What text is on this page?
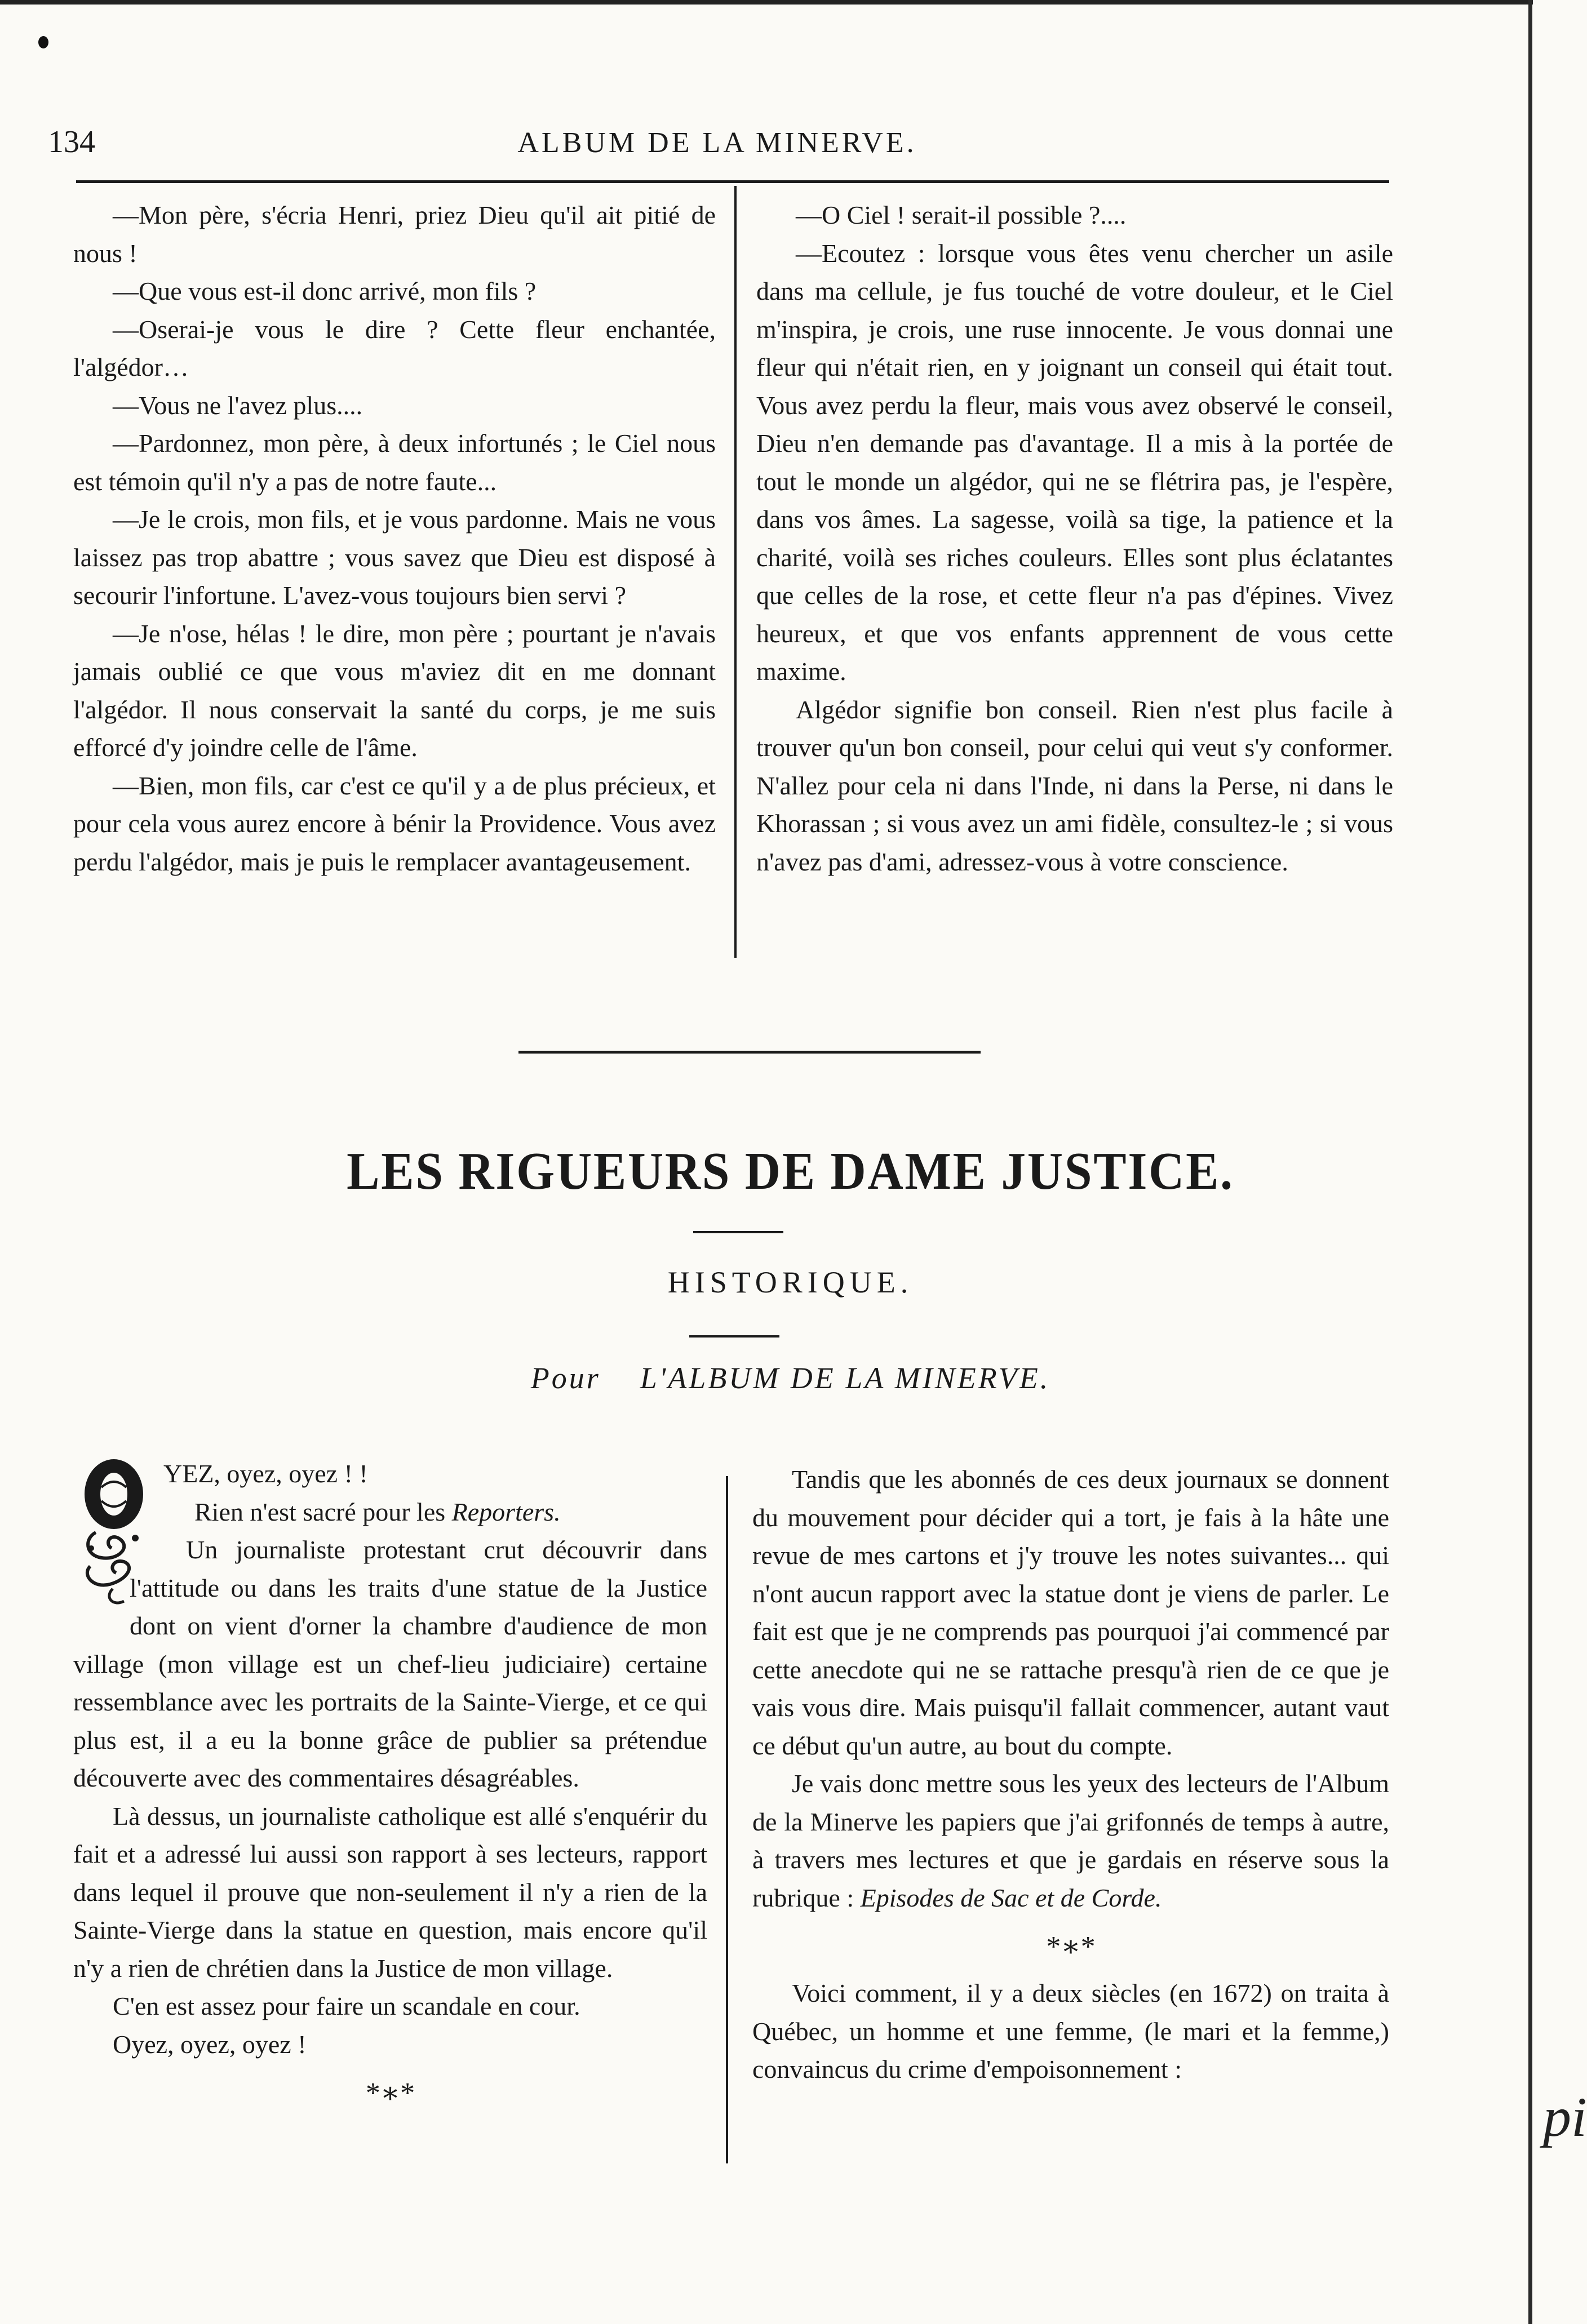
pi
134	ALBUM DE LA MINERVE.

—Mon père, s'écria Henri, priez Dieu qu'il ait pitié de nous !

—Que vous est-il donc arrivé, mon fils ?

—Oserai-je vous le dire ? Cette fleur enchantée, l'algédor…

—Vous ne l'avez plus....

—Pardonnez, mon père, à deux infortunés ; le Ciel nous est témoin qu'il n'y a pas de notre faute...

—Je le crois, mon fils, et je vous pardonne. Mais ne vous laissez pas trop abattre ; vous savez que Dieu est disposé à secourir l'infortune. L'avez-vous toujours bien servi ?

—Je n'ose, hélas ! le dire, mon père ; pourtant je n'avais jamais oublié ce que vous m'aviez dit en me donnant l'algédor. Il nous conservait la santé du corps, je me suis efforcé d'y joindre celle de l'âme.

—Bien, mon fils, car c'est ce qu'il y a de plus précieux, et pour cela vous aurez encore à bénir la Providence. Vous avez perdu l'algédor, mais je puis le remplacer avantageusement.

—O Ciel ! serait-il possible ?....

—Ecoutez : lorsque vous êtes venu chercher un asile dans ma cellule, je fus touché de votre douleur, et le Ciel m'inspira, je crois, une ruse innocente. Je vous donnai une fleur qui n'était rien, en y joignant un conseil qui était tout. Vous avez perdu la fleur, mais vous avez observé le conseil, Dieu n'en demande pas d'avantage. Il a mis à la portée de tout le monde un algédor, qui ne se flétrira pas, je l'espère, dans vos âmes. La sagesse, voilà sa tige, la patience et la charité, voilà ses riches couleurs. Elles sont plus éclatantes que celles de la rose, et cette fleur n'a pas d'épines. Vivez heureux, et que vos enfants apprennent de vous cette maxime.

Algédor signifie bon conseil. Rien n'est plus facile à trouver qu'un bon conseil, pour celui qui veut s'y conformer. N'allez pour cela ni dans l'Inde, ni dans la Perse, ni dans le Khorassan ; si vous avez un ami fidèle, consultez-le ; si vous n'avez pas d'ami, adressez-vous à votre conscience.

LES RIGUEURS DE DAME JUSTICE.
HISTORIQUE.
Pour L'ALBUM DE LA MINERVE.

YEZ, oyez, oyez ! !

Rien n'est sacré pour les Reporters.

Un journaliste protestant crut découvrir dans l'attitude ou dans les traits d'une statue de la Justice dont on vient d'orner la chambre d'audience de mon village (mon village est un chef-lieu judiciaire) certaine ressemblance avec les portraits de la Sainte-Vierge, et ce qui plus est, il a eu la bonne grâce de publier sa prétendue découverte avec des commentaires désagréables.

Là dessus, un journaliste catholique est allé s'enquérir du fait et a adressé lui aussi son rapport à ses lecteurs, rapport dans lequel il prouve que non-seulement il n'y a rien de la Sainte-Vierge dans la statue en question, mais encore qu'il n'y a rien de chrétien dans la Justice de mon village.

C'en est assez pour faire un scandale en cour.

Oyez, oyez, oyez !

*∗*

Tandis que les abonnés de ces deux journaux se donnent du mouvement pour décider qui a tort, je fais à la hâte une revue de mes cartons et j'y trouve les notes suivantes... qui n'ont aucun rapport avec la statue dont je viens de parler. Le fait est que je ne comprends pas pourquoi j'ai commencé par cette anecdote qui ne se rattache presqu'à rien de ce que je vais vous dire. Mais puisqu'il fallait commencer, autant vaut ce début qu'un autre, au bout du compte.

Je vais donc mettre sous les yeux des lecteurs de l'Album de la Minerve les papiers que j'ai grifonnés de temps à autre, à travers mes lectures et que je gardais en réserve sous la rubrique : Episodes de Sac et de Corde.

*∗*

Voici comment, il y a deux siècles (en 1672) on traita à Québec, un homme et une femme, (le mari et la femme,) convaincus du crime d'empoisonnement :
